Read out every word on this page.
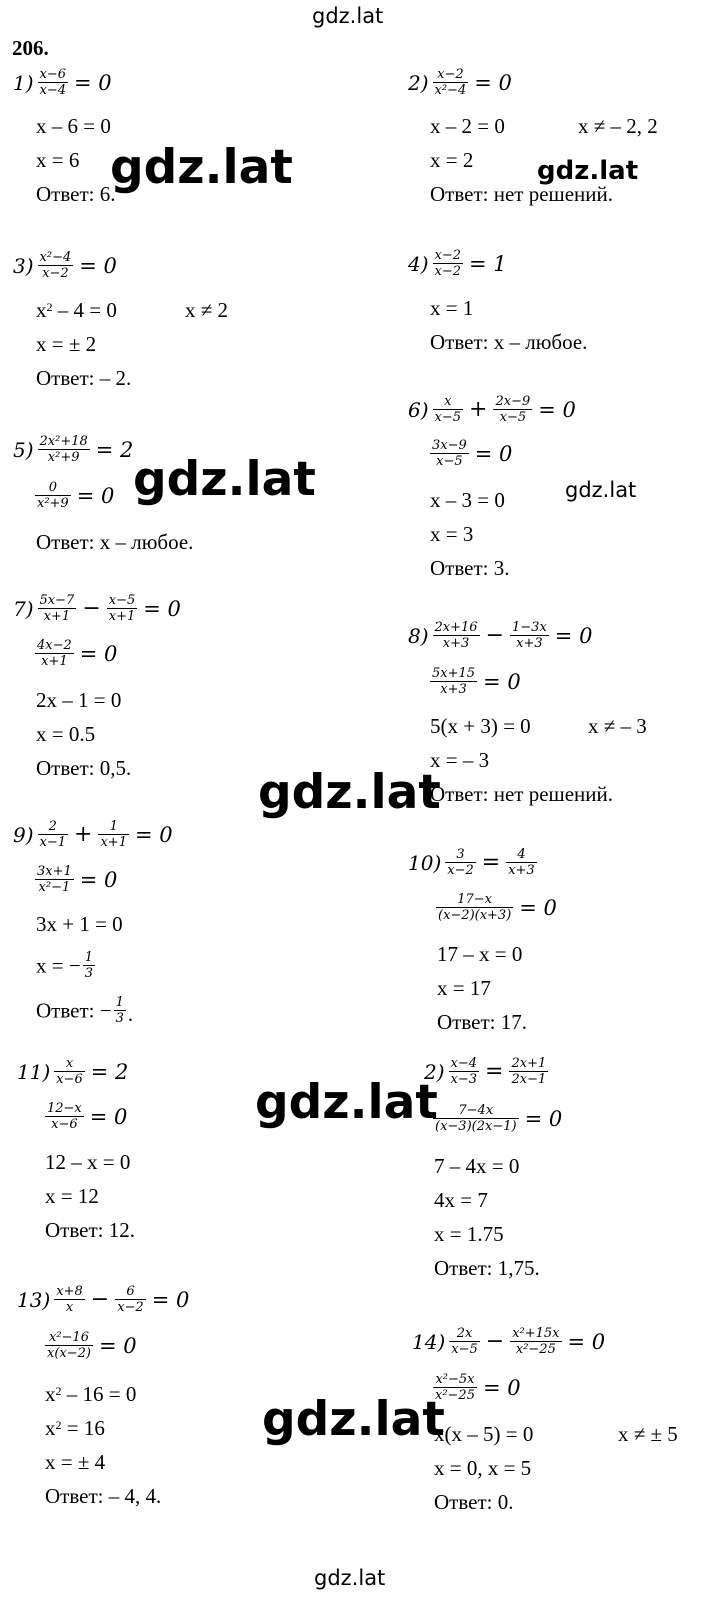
gdz.lat
206.
$1) \frac{x-6}{x-4} = 0$
x – 6 = 0
x = 6
Ответ: 6.
$2) \frac{x-2}{\text{x²−4}} = 0$
x – 2 = 0	x ≠ – 2, 2
x = 2
Ответ: нет решений.
$3) \frac{\text{x²−4}}{x-2} = 0$
$x^2 - 4 = 0$	x ≠ 2
x = ± 2
Ответ: – 2.
$4) \frac{x-2}{x-2} = 1$
x = 1
Ответ: x – любое.
$5) \frac{\text{2x²+18}}{\text{x²+9}} = 2$
$\frac{0}{\text{x²+9}} = 0$
Ответ: x – любое.
$6) \frac{x}{x-5} + \frac{2x-9}{x-5} = 0$
$\frac{3x-9}{x-5} = 0$
x – 3 = 0
x = 3
Ответ: 3.
$7) \frac{5x-7}{x+1} - \frac{x-5}{x+1} = 0$
$\frac{4x-2}{x+1} = 0$
2x – 1 = 0
x = 0.5
Ответ: 0,5.
$8) \frac{2x+16}{x+3} - \frac{1-3x}{x+3} = 0$
$\frac{5x+15}{x+3} = 0$
5(x + 3) = 0	x ≠ – 3
x = – 3
Ответ: нет решений.
$9) \frac{2}{x-1} + \frac{1}{x+1} = 0$
$\frac{3x+1}{\text{x²−1}} = 0$
3x + 1 = 0
x = − $\frac{1}{3}$
Ответ: − $\frac{1}{3}$ .
$10) \frac{3}{x-2} = \frac{4}{x+3}$
$\frac{17-x}{(x-2)(x+3)} = 0$
17 – x = 0
x = 17
Ответ: 17.
$11) \frac{x}{x-6} = 2$
$\frac{12-x}{x-6} = 0$
12 – x = 0
x = 12
Ответ: 12.
$2) \frac{x-4}{x-3} = \frac{2x+1}{2x-1}$
$\frac{7-4x}{(x-3)(2x-1)} = 0$
7 – 4x = 0
4x = 7
x = 1.75
Ответ: 1,75.
$13) \frac{x+8}{x} - \frac{6}{x-2} = 0$
$\frac{\text{x²−16}}{x(x-2)} = 0$
$x^2 - 16 = 0$
$x^2 = 16$
x = ± 4
Ответ: – 4, 4.
$14) \frac{2x}{x-5} - \frac{\text{x²+15x}}{\text{x²−25}} = 0$
$\frac{\text{x²−5x}}{\text{x²−25}} = 0$
x(x – 5) = 0	x ≠ ± 5
x = 0, x = 5
Ответ: 0.
gdz.lat	gdz.lat
gdz.lat	gdz.lat
gdz.lat
gdz.lat
gdz.lat
gdz.lat
